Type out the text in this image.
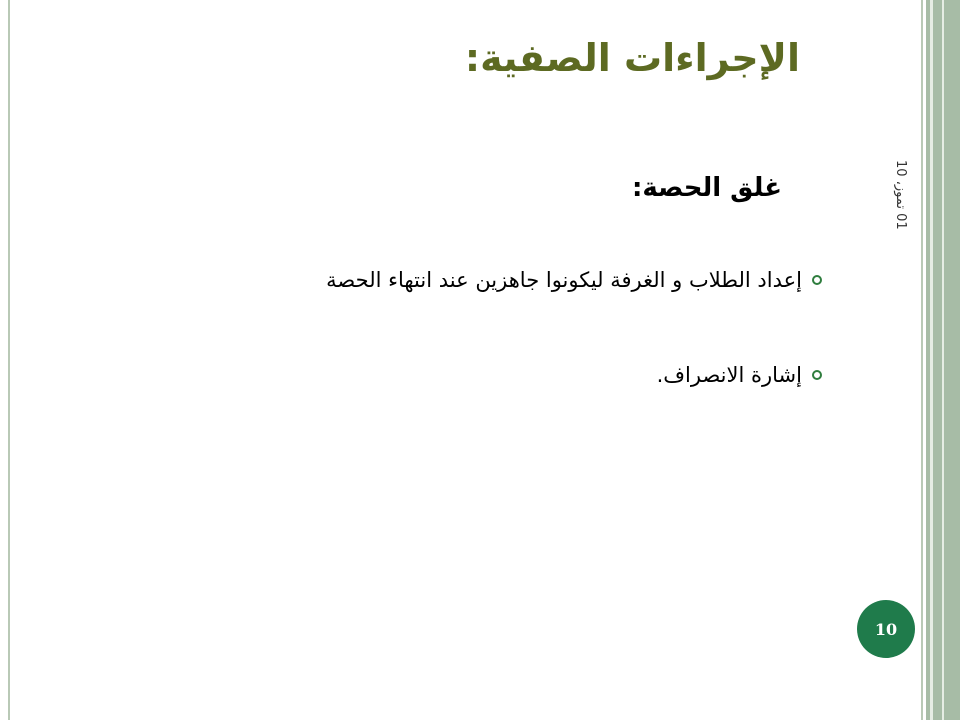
الإجراءات الصفية:
غلق الحصة:
إعداد الطلاب و الغرفة ليكونوا جاهزين عند انتهاء الحصة
إشارة الانصراف.
01 تموز، 10
10
